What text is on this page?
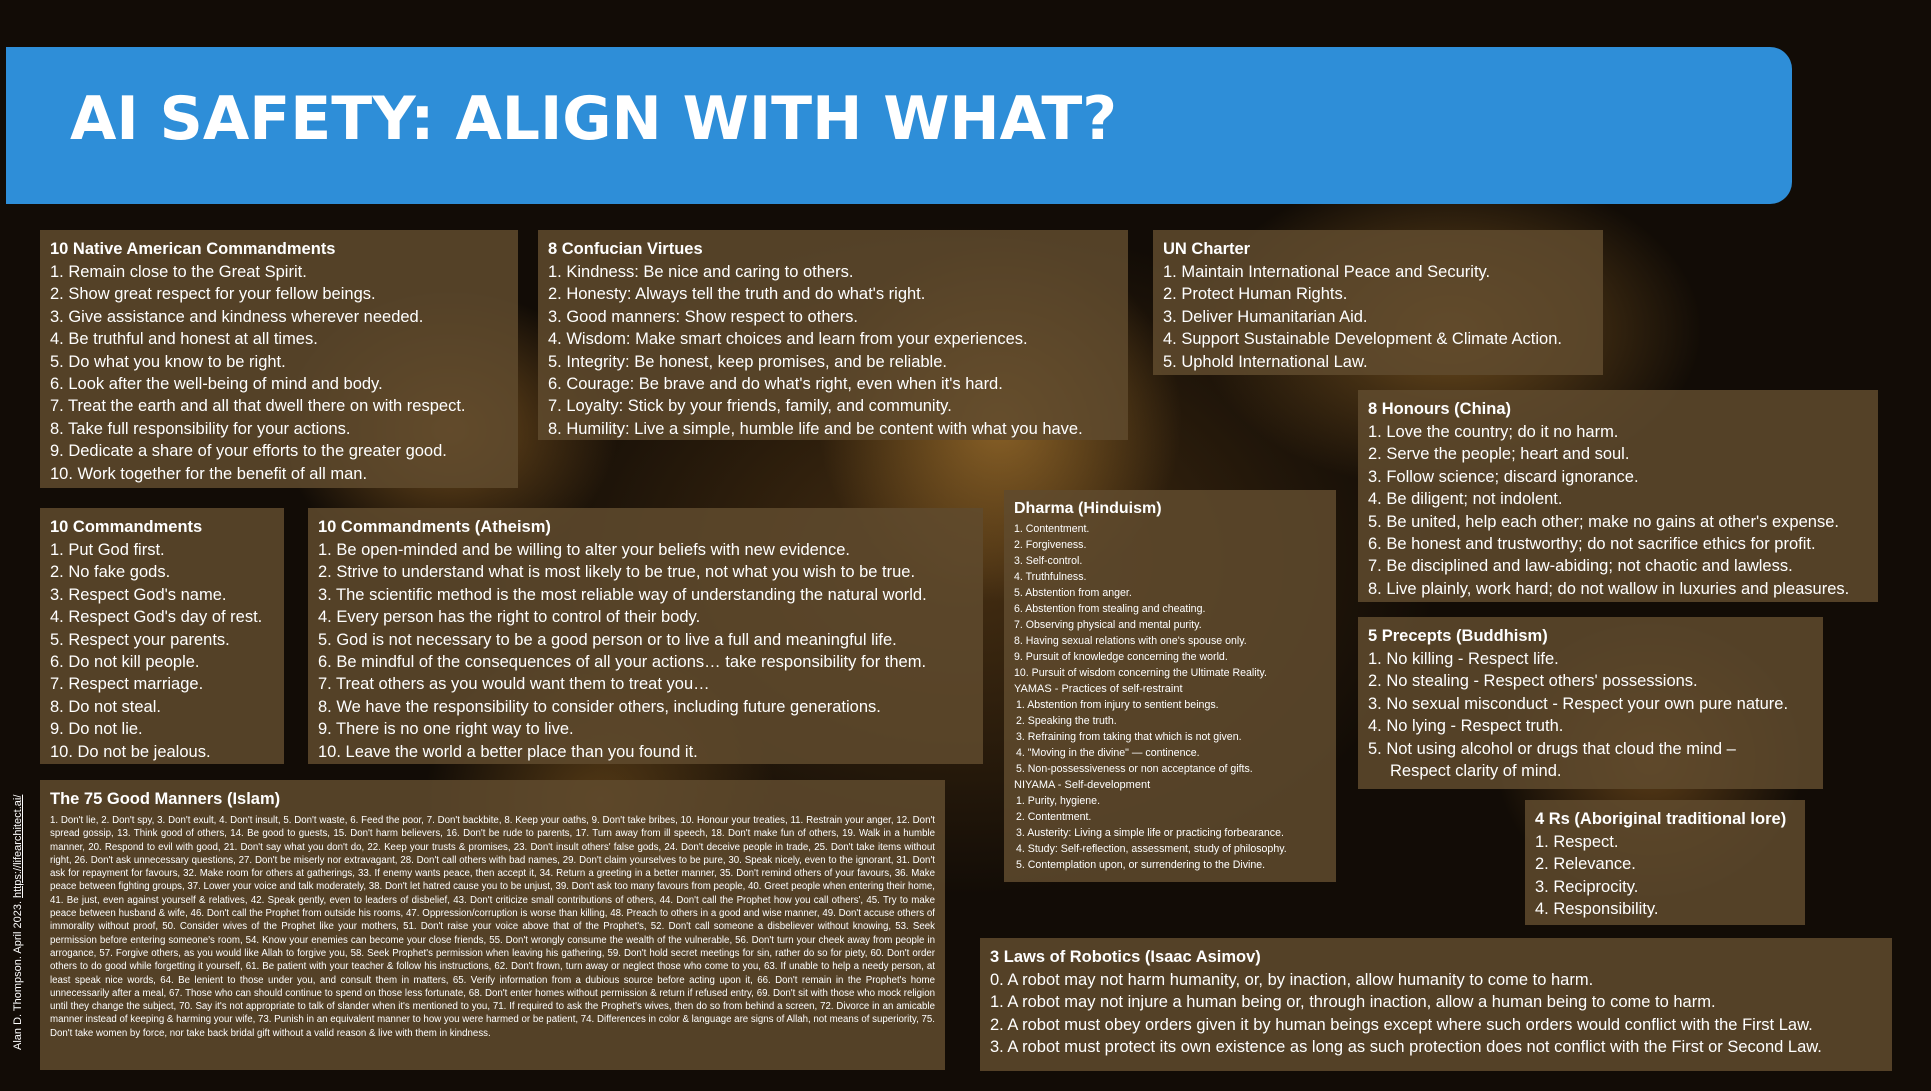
AI SAFETY: ALIGN WITH WHAT?
10 Native American Commandments
1. Remain close to the Great Spirit.
2. Show great respect for your fellow beings.
3. Give assistance and kindness wherever needed.
4. Be truthful and honest at all times.
5. Do what you know to be right.
6. Look after the well-being of mind and body.
7. Treat the earth and all that dwell there on with respect.
8. Take full responsibility for your actions.
9. Dedicate a share of your efforts to the greater good.
10. Work together for the benefit of all man.
8 Confucian Virtues
1. Kindness: Be nice and caring to others.
2. Honesty: Always tell the truth and do what's right.
3. Good manners: Show respect to others.
4. Wisdom: Make smart choices and learn from your experiences.
5. Integrity: Be honest, keep promises, and be reliable.
6. Courage: Be brave and do what's right, even when it's hard.
7. Loyalty: Stick by your friends, family, and community.
8. Humility: Live a simple, humble life and be content with what you have.
UN Charter
1. Maintain International Peace and Security.
2. Protect Human Rights.
3. Deliver Humanitarian Aid.
4. Support Sustainable Development & Climate Action.
5. Uphold International Law.
8 Honours (China)
1. Love the country; do it no harm.
2. Serve the people; heart and soul.
3. Follow science; discard ignorance.
4. Be diligent; not indolent.
5. Be united, help each other; make no gains at other's expense.
6. Be honest and trustworthy; do not sacrifice ethics for profit.
7. Be disciplined and law-abiding; not chaotic and lawless.
8. Live plainly, work hard; do not wallow in luxuries and pleasures.
10 Commandments
1. Put God first.
2. No fake gods.
3. Respect God's name.
4. Respect God's day of rest.
5. Respect your parents.
6. Do not kill people.
7. Respect marriage.
8. Do not steal.
9. Do not lie.
10. Do not be jealous.
10 Commandments (Atheism)
1. Be open-minded and be willing to alter your beliefs with new evidence.
2. Strive to understand what is most likely to be true, not what you wish to be true.
3. The scientific method is the most reliable way of understanding the natural world.
4. Every person has the right to control of their body.
5. God is not necessary to be a good person or to live a full and meaningful life.
6. Be mindful of the consequences of all your actions… take responsibility for them.
7. Treat others as you would want them to treat you…
8. We have the responsibility to consider others, including future generations.
9. There is no one right way to live.
10. Leave the world a better place than you found it.
Dharma (Hinduism)
1. Contentment.
2. Forgiveness.
3. Self-control.
4. Truthfulness.
5. Abstention from anger.
6. Abstention from stealing and cheating.
7. Observing physical and mental purity.
8. Having sexual relations with one's spouse only.
9. Pursuit of knowledge concerning the world.
10. Pursuit of wisdom concerning the Ultimate Reality.
YAMAS - Practices of self-restraint
1. Abstention from injury to sentient beings.
2. Speaking the truth.
3. Refraining from taking that which is not given.
4. "Moving in the divine" — continence.
5. Non-possessiveness or non acceptance of gifts.
NIYAMA - Self-development
1. Purity, hygiene.
2. Contentment.
3. Austerity: Living a simple life or practicing forbearance.
4. Study: Self-reflection, assessment, study of philosophy.
5. Contemplation upon, or surrendering to the Divine.
5 Precepts (Buddhism)
1. No killing - Respect life.
2. No stealing - Respect others' possessions.
3. No sexual misconduct - Respect your own pure nature.
4. No lying - Respect truth.
5. Not using alcohol or drugs that cloud the mind –
Respect clarity of mind.
4 Rs (Aboriginal traditional lore)
1. Respect.
2. Relevance.
3. Reciprocity.
4. Responsibility.
The 75 Good Manners (Islam)

1. Don't lie, 2. Don't spy, 3. Don't exult, 4. Don't insult, 5. Don't waste, 6. Feed the poor, 7. Don't backbite, 8. Keep your oaths, 9. Don't take bribes, 10. Honour your treaties, 11. Restrain your anger, 12. Don't spread gossip, 13. Think good of others, 14. Be good to guests, 15. Don't harm believers, 16. Don't be rude to parents, 17. Turn away from ill speech, 18. Don't make fun of others, 19. Walk in a humble manner, 20. Respond to evil with good, 21. Don't say what you don't do, 22. Keep your trusts & promises, 23. Don't insult others' false gods, 24. Don't deceive people in trade, 25. Don't take items without right, 26. Don't ask unnecessary questions, 27. Don't be miserly nor extravagant, 28. Don't call others with bad names, 29. Don't claim yourselves to be pure, 30. Speak nicely, even to the ignorant, 31. Don't ask for repayment for favours, 32. Make room for others at gatherings, 33. If enemy wants peace, then accept it, 34. Return a greeting in a better manner, 35. Don't remind others of your favours, 36. Make peace between fighting groups, 37. Lower your voice and talk moderately, 38. Don't let hatred cause you to be unjust, 39. Don't ask too many favours from people, 40. Greet people when entering their home, 41. Be just, even against yourself & relatives, 42. Speak gently, even to leaders of disbelief, 43. Don't criticize small contributions of others, 44. Don't call the Prophet how you call others', 45. Try to make peace between husband & wife, 46. Don't call the Prophet from outside his rooms, 47. Oppression/corruption is worse than killing, 48. Preach to others in a good and wise manner, 49. Don't accuse others of immorality without proof, 50. Consider wives of the Prophet like your mothers, 51. Don't raise your voice above that of the Prophet's, 52. Don't call someone a disbeliever without knowing, 53. Seek permission before entering someone's room, 54. Know your enemies can become your close friends, 55. Don't wrongly consume the wealth of the vulnerable, 56. Don't turn your cheek away from people in arrogance, 57. Forgive others, as you would like Allah to forgive you, 58. Seek Prophet's permission when leaving his gathering, 59. Don't hold secret meetings for sin, rather do so for piety, 60. Don't order others to do good while forgetting it yourself, 61. Be patient with your teacher & follow his instructions, 62. Don't frown, turn away or neglect those who come to you, 63. If unable to help a needy person, at least speak nice words, 64. Be lenient to those under you, and consult them in matters, 65. Verify information from a dubious source before acting upon it, 66. Don't remain in the Prophet's home unnecessarily after a meal, 67. Those who can should continue to spend on those less fortunate, 68. Don't enter homes without permission & return if refused entry, 69. Don't sit with those who mock religion until they change the subject, 70. Say it's not appropriate to talk of slander when it's mentioned to you, 71. If required to ask the Prophet's wives, then do so from behind a screen, 72. Divorce in an amicable manner instead of keeping & harming your wife, 73. Punish in an equivalent manner to how you were harmed or be patient, 74. Differences in color & language are signs of Allah, not means of superiority, 75. Don't take women by force, nor take back bridal gift without a valid reason & live with them in kindness.

3 Laws of Robotics (Isaac Asimov)
0. A robot may not harm humanity, or, by inaction, allow humanity to come to harm.
1. A robot may not injure a human being or, through inaction, allow a human being to come to harm.
2. A robot must obey orders given it by human beings except where such orders would conflict with the First Law.
3. A robot must protect its own existence as long as such protection does not conflict with the First or Second Law.
Alan D. Thompson. April 2023. https://lifearchitect.ai/
